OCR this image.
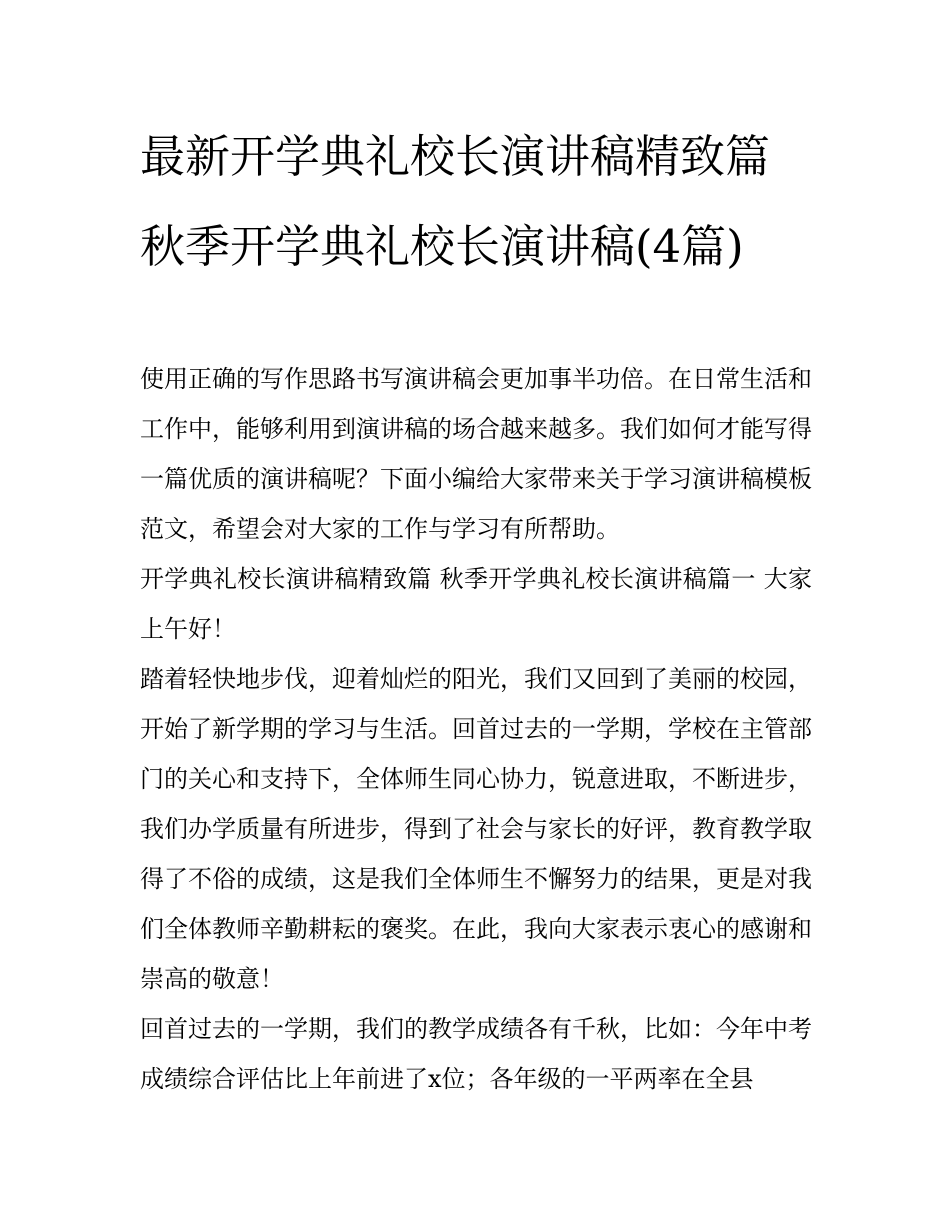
最新开学典礼校长演讲稿精致篇 秋季开学典礼校长演讲稿(4篇)

使用正确的写作思路书写演讲稿会更加事半功倍。在日常生活和工作中，能够利用到演讲稿的场合越来越多。我们如何才能写得一篇优质的演讲稿呢？下面小编给大家带来关于学习演讲稿模板范文，希望会对大家的工作与学习有所帮助。

开学典礼校长演讲稿精致篇 秋季开学典礼校长演讲稿篇一 大家上午好！

踏着轻快地步伐，迎着灿烂的阳光，我们又回到了美丽的校园，开始了新学期的学习与生活。回首过去的一学期，学校在主管部门的关心和支持下，全体师生同心协力，锐意进取，不断进步，我们办学质量有所进步，得到了社会与家长的好评，教育教学取得了不俗的成绩，这是我们全体师生不懈努力的结果，更是对我们全体教师辛勤耕耘的褒奖。在此，我向大家表示衷心的感谢和崇高的敬意！

回首过去的一学期，我们的教学成绩各有千秋，比如：今年中考成绩综合评估比上年前进了x位；各年级的一平两率在全县
